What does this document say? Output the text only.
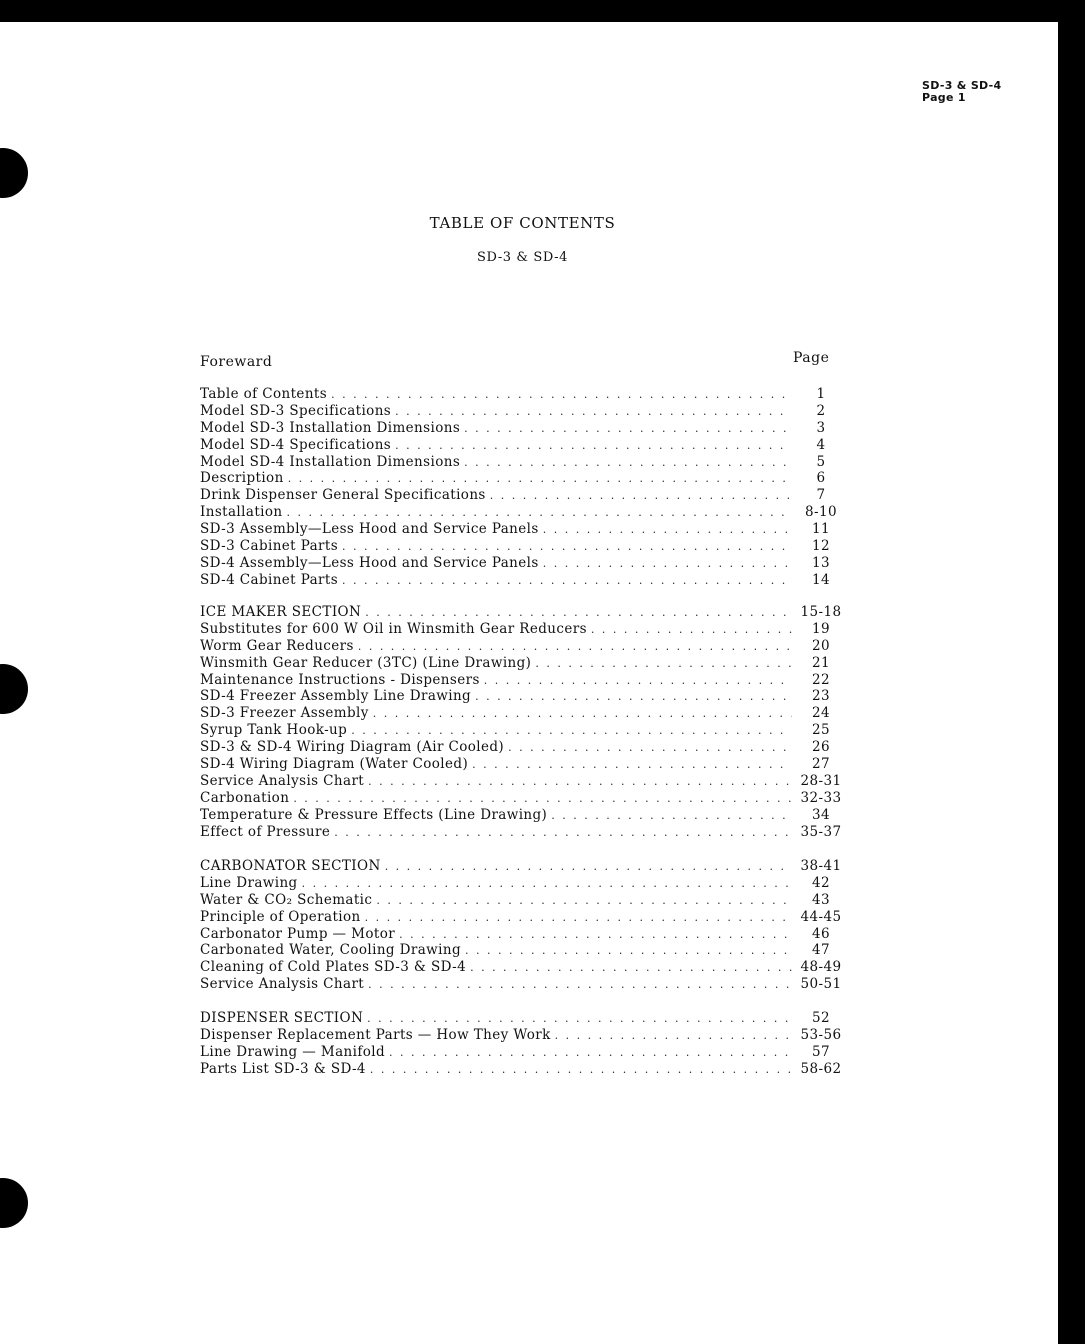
SD-3 & SD-4
Page 1
TABLE OF CONTENTS
SD-3 & SD-4
Foreward	Page
Table of Contents . . .	1
Model SD-3 Specifications . . .	2
Model SD-3 Installation Dimensions . . .	3
Model SD-4 Specifications . . .	4
Model SD-4 Installation Dimensions . . .	5
Description . . .	6
Drink Dispenser General Specifications . . .	7
Installation . . .	8-10
SD-3 Assembly—Less Hood and Service Panels . . .	11
SD-3 Cabinet Parts . . .	12
SD-4 Assembly—Less Hood and Service Panels . . .	13
SD-4 Cabinet Parts . . .	14
ICE MAKER SECTION . . .	15-18
Substitutes for 600 W Oil in Winsmith Gear Reducers . . .	19
Worm Gear Reducers . . .	20
Winsmith Gear Reducer (3TC) (Line Drawing) . . .	21
Maintenance Instructions - Dispensers . . .	22
SD-4 Freezer Assembly Line Drawing . . .	23
SD-3 Freezer Assembly . . .	24
Syrup Tank Hook-up . . .	25
SD-3 & SD-4 Wiring Diagram (Air Cooled) . . .	26
SD-4 Wiring Diagram (Water Cooled) . . .	27
Service Analysis Chart . . .	28-31
Carbonation . . .	32-33
Temperature & Pressure Effects (Line Drawing) . . .	34
Effect of Pressure . . .	35-37
CARBONATOR SECTION . . .	38-41
Line Drawing . . .	42
Water & CO₂ Schematic . . .	43
Principle of Operation . . .	44-45
Carbonator Pump — Motor . . .	46
Carbonated Water, Cooling Drawing . . .	47
Cleaning of Cold Plates SD-3 & SD-4 . . .	48-49
Service Analysis Chart . . .	50-51
DISPENSER SECTION . . .	52
Dispenser Replacement Parts — How They Work . . .	53-56
Line Drawing — Manifold . . .	57
Parts List SD-3 & SD-4 . . .	58-62
